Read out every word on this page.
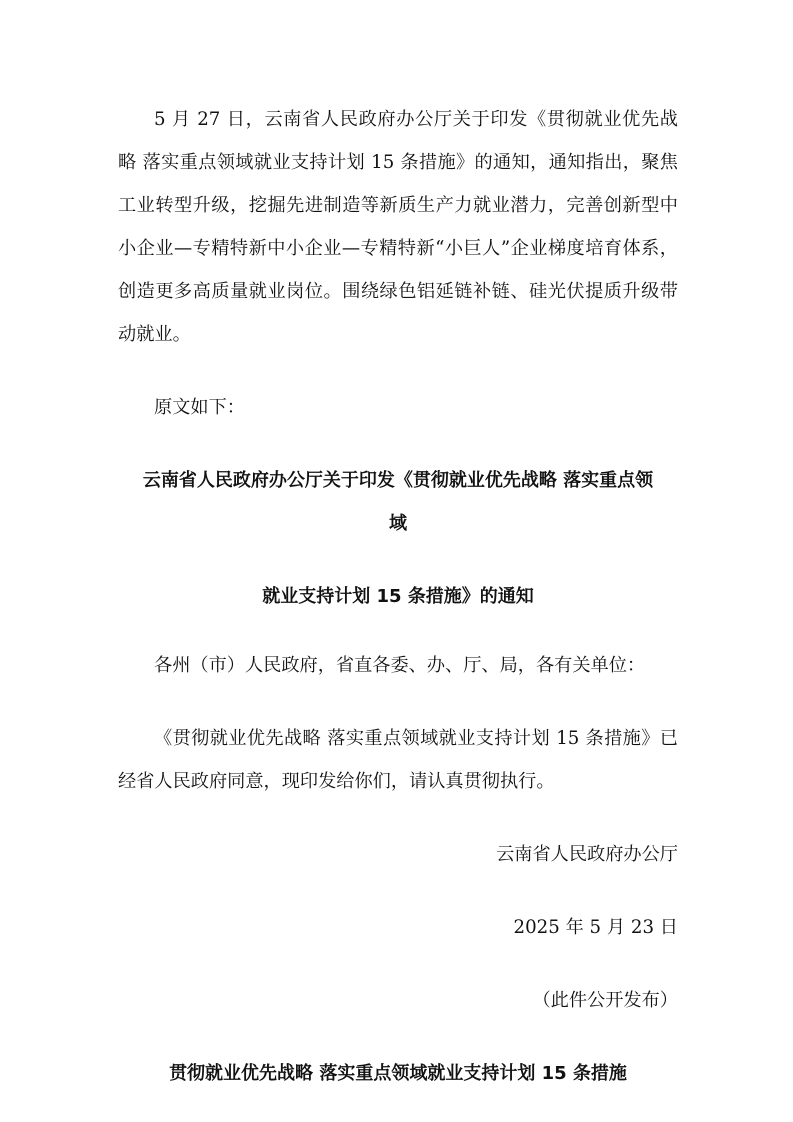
5 月 27 日，云南省人民政府办公厅关于印发《贯彻就业优先战略 落实重点领域就业支持计划 15 条措施》的通知，通知指出，聚焦工业转型升级，挖掘先进制造等新质生产力就业潜力，完善创新型中小企业—专精特新中小企业—专精特新“小巨人”企业梯度培育体系，创造更多高质量就业岗位。围绕绿色铝延链补链、硅光伏提质升级带动就业。

原文如下：

云南省人民政府办公厅关于印发《贯彻就业优先战略 落实重点领

域

就业支持计划 15 条措施》的通知

各州（市）人民政府，省直各委、办、厅、局，各有关单位：

《贯彻就业优先战略 落实重点领域就业支持计划 15 条措施》已经省人民政府同意，现印发给你们，请认真贯彻执行。

云南省人民政府办公厅

2025 年 5 月 23 日

（此件公开发布）

贯彻就业优先战略 落实重点领域就业支持计划 15 条措施
